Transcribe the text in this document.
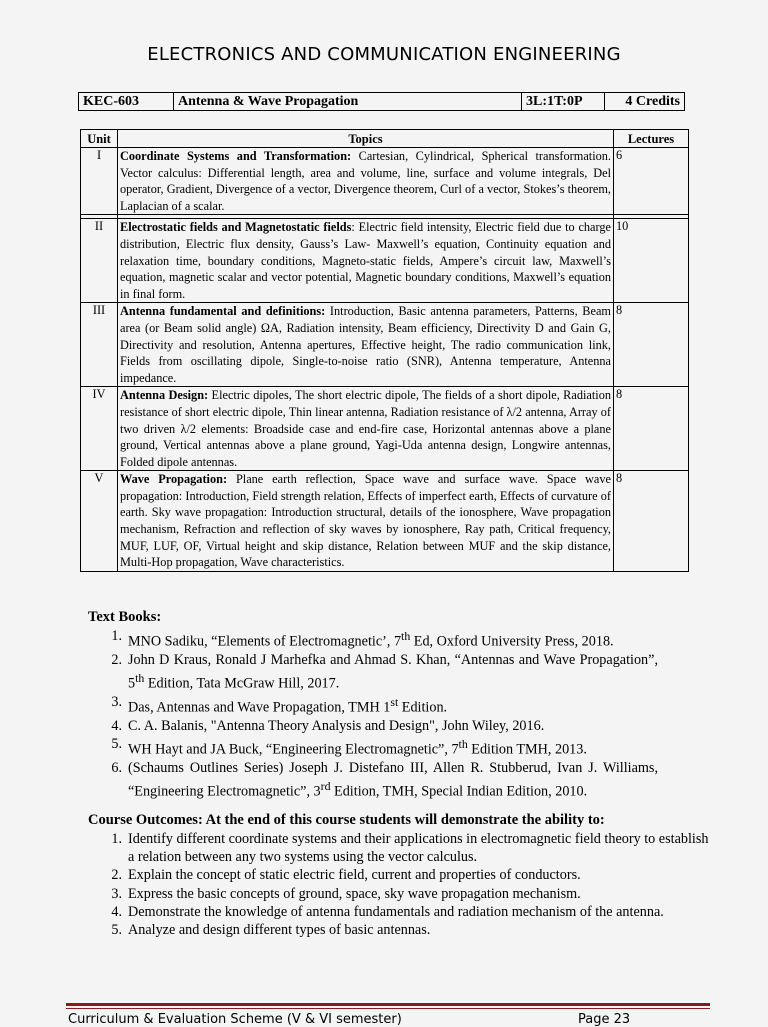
ELECTRONICS AND COMMUNICATION ENGINEERING
KEC-603	Antenna & Wave Propagation	3L:1T:0P	4 Credits
Unit	Topics	Lectures
I	Coordinate Systems and Transformation: Cartesian, Cylindrical, Spherical transformation. Vector calculus: Differential length, area and volume, line, surface and volume integrals, Del operator, Gradient, Divergence of a vector, Divergence theorem, Curl of a vector, Stokes’s theorem, Laplacian of a scalar.	6

II	Electrostatic fields and Magnetostatic fields: Electric field intensity, Electric field due to charge distribution, Electric flux density, Gauss’s Law- Maxwell’s equation, Continuity equation and relaxation time, boundary conditions, Magneto-static fields, Ampere’s circuit law, Maxwell’s equation, magnetic scalar and vector potential, Magnetic boundary conditions, Maxwell’s equation in final form.	10
III	Antenna fundamental and definitions: Introduction, Basic antenna parameters, Patterns, Beam area (or Beam solid angle) ΩA, Radiation intensity, Beam efficiency, Directivity D and Gain G, Directivity and resolution, Antenna apertures, Effective height, The radio communication link, Fields from oscillating dipole, Single-to-noise ratio (SNR), Antenna temperature, Antenna impedance.	8
IV	Antenna Design: Electric dipoles, The short electric dipole, The fields of a short dipole, Radiation resistance of short electric dipole, Thin linear antenna, Radiation resistance of λ/2 antenna, Array of two driven λ/2 elements: Broadside case and end-fire case, Horizontal antennas above a plane ground, Vertical antennas above a plane ground, Yagi-Uda antenna design, Longwire antennas, Folded dipole antennas.	8
V	Wave Propagation: Plane earth reflection, Space wave and surface wave. Space wave propagation: Introduction, Field strength relation, Effects of imperfect earth, Effects of curvature of earth. Sky wave propagation: Introduction structural, details of the ionosphere, Wave propagation mechanism, Refraction and reflection of sky waves by ionosphere, Ray path, Critical frequency, MUF, LUF, OF, Virtual height and skip distance, Relation between MUF and the skip distance, Multi-Hop propagation, Wave characteristics.	8
Text Books:
1. MNO Sadiku, “Elements of Electromagnetic’, 7th Ed, Oxford University Press, 2018.
2. John D Kraus, Ronald J Marhefka and Ahmad S. Khan, “Antennas and Wave Propagation”, 5th Edition, Tata McGraw Hill, 2017.
3. Das, Antennas and Wave Propagation, TMH 1st Edition.
4. C. A. Balanis, "Antenna Theory Analysis and Design", John Wiley, 2016.
5. WH Hayt and JA Buck, “Engineering Electromagnetic”, 7th Edition TMH, 2013.
6. (Schaums Outlines Series) Joseph J. Distefano III, Allen R. Stubberud, Ivan J. Williams, “Engineering Electromagnetic”, 3rd Edition, TMH, Special Indian Edition, 2010.
Course Outcomes: At the end of this course students will demonstrate the ability to:
1. Identify different coordinate systems and their applications in electromagnetic field theory to establish a relation between any two systems using the vector calculus.
2. Explain the concept of static electric field, current and properties of conductors.
3. Express the basic concepts of ground, space, sky wave propagation mechanism.
4. Demonstrate the knowledge of antenna fundamentals and radiation mechanism of the antenna.
5. Analyze and design different types of basic antennas.
Curriculum & Evaluation Scheme (V & VI semester)	Page 23
